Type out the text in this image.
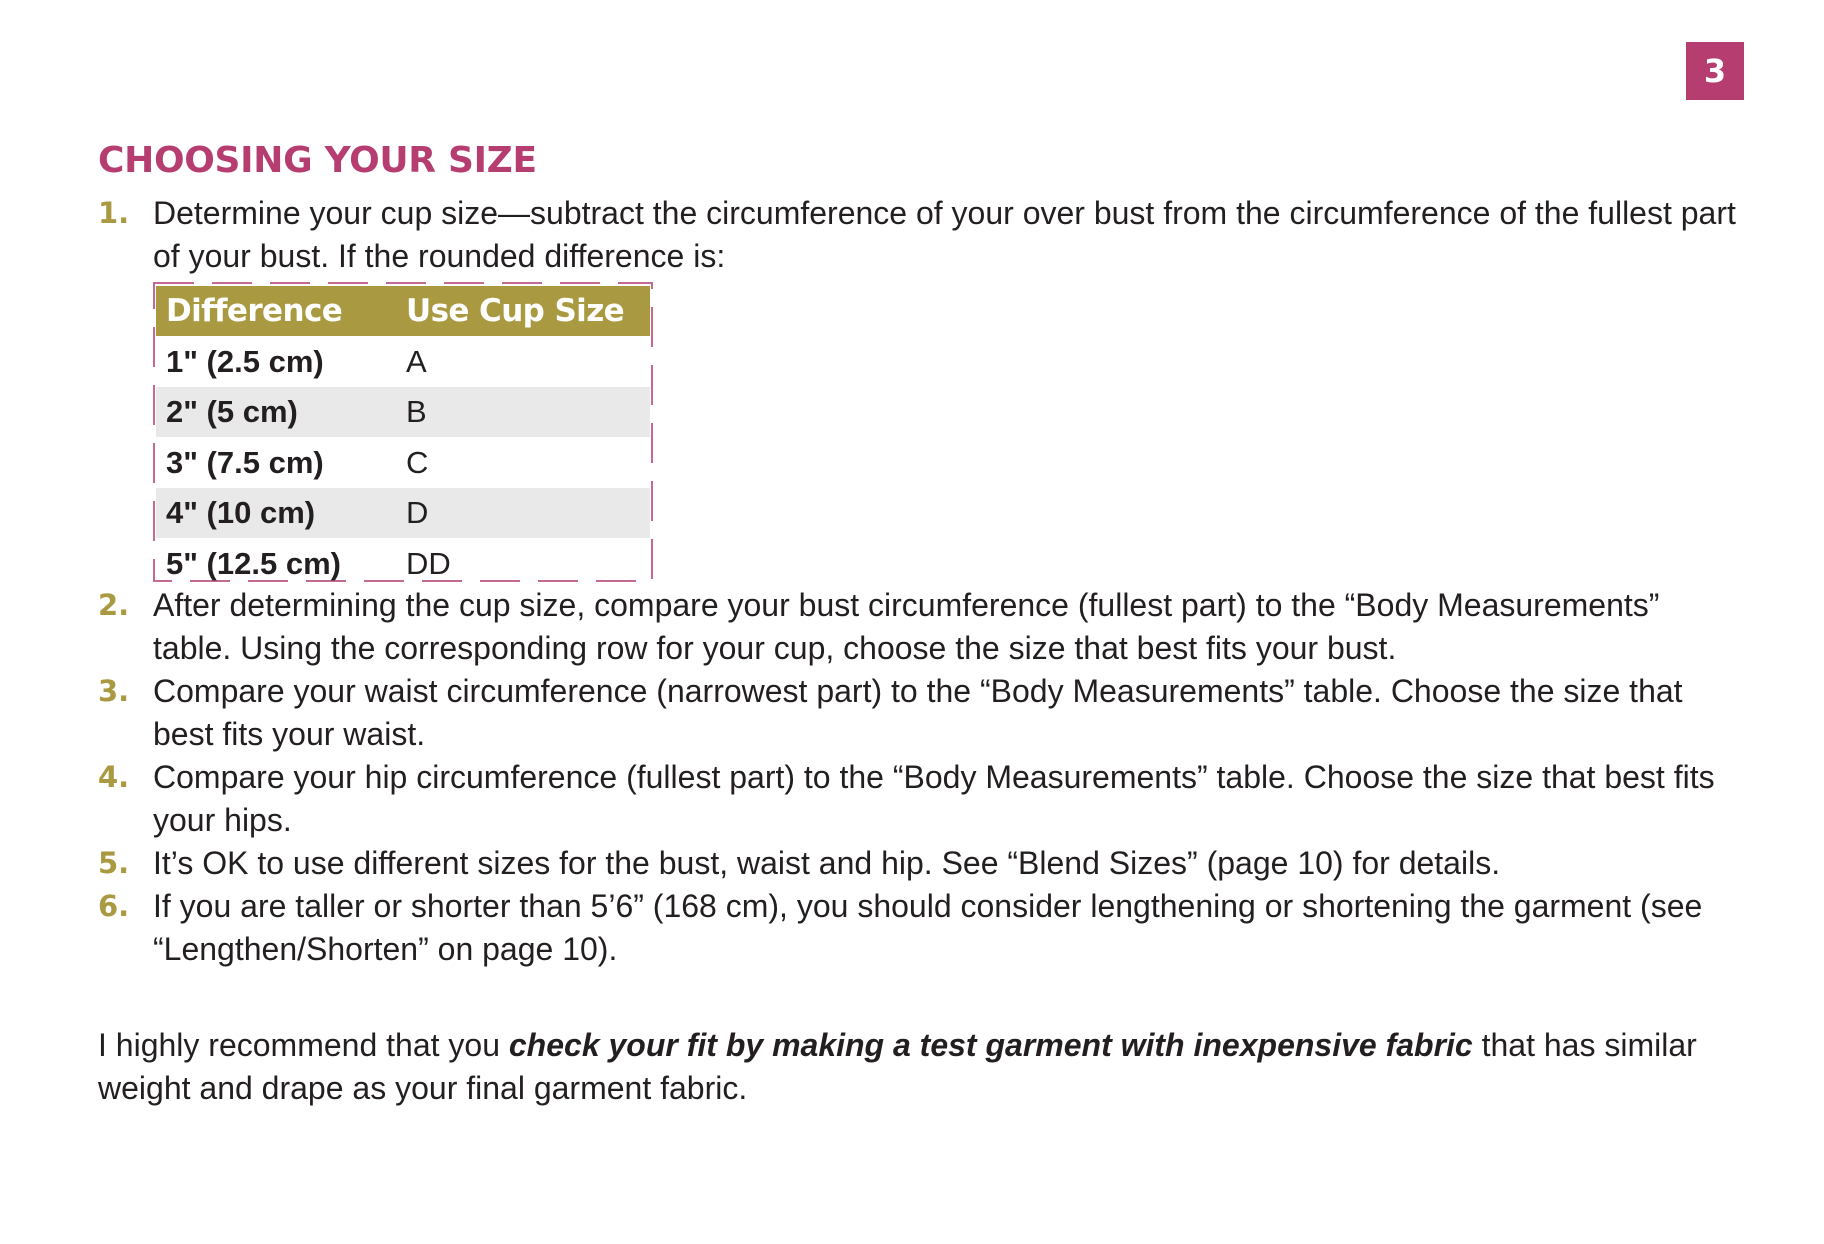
3
CHOOSING YOUR SIZE
1. Determine your cup size—subtract the circumference of your over bust from the circumference of the fullest part of your bust. If the rounded difference is:
Difference	Use Cup Size
1" (2.5 cm)	A
2" (5 cm)	B
3" (7.5 cm)	C
4" (10 cm)	D
5" (12.5 cm)	DD
2. After determining the cup size, compare your bust circumference (fullest part) to the “Body Measurements” table. Using the corresponding row for your cup, choose the size that best fits your bust.
3. Compare your waist circumference (narrowest part) to the “Body Measurements” table. Choose the size that best fits your waist.
4. Compare your hip circumference (fullest part) to the “Body Measurements” table. Choose the size that best fits your hips.
5. It’s OK to use different sizes for the bust, waist and hip. See “Blend Sizes” (page 10) for details.
6. If you are taller or shorter than 5’6” (168 cm), you should consider lengthening or shortening the garment (see “Lengthen/Shorten” on page 10).

I highly recommend that you check your fit by making a test garment with inexpensive fabric that has similar weight and drape as your final garment fabric.
